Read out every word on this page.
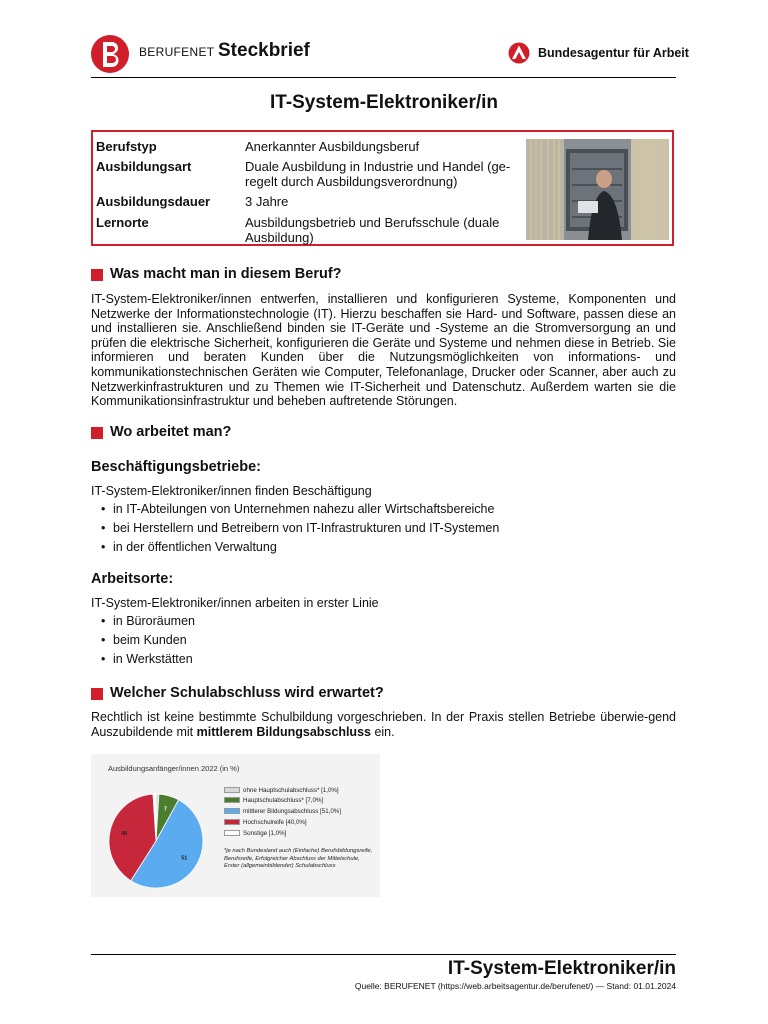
BERUFENET Steckbrief	Bundesagentur für Arbeit
IT-System-Elektroniker/in
Berufstyp	Anerkannter Ausbildungsberuf
Ausbildungsart	Duale Ausbildung in Industrie und Handel (ge-regelt durch Ausbildungsverordnung)
Ausbildungsdauer	3 Jahre
Lernorte	Ausbildungsbetrieb und Berufsschule (duale Ausbildung)
Was macht man in diesem Beruf?
IT-System-Elektroniker/innen entwerfen, installieren und konfigurieren Systeme, Komponenten und Netzwerke der Informationstechnologie (IT). Hierzu beschaffen sie Hard- und Software, passen diese an und installieren sie. Anschließend binden sie IT-Geräte und -Systeme an die Stromversorgung an und prüfen die elektrische Sicherheit, konfigurieren die Geräte und Systeme und nehmen diese in Betrieb. Sie informieren und beraten Kunden über die Nutzungsmöglichkeiten von informations- und kommunikationstechnischen Geräten wie Computer, Telefonanlage, Drucker oder Scanner, aber auch zu Netzwerkinfrastrukturen und zu Themen wie IT-Sicherheit und Datenschutz. Außerdem warten sie die Kommunikationsinfrastruktur und beheben auftretende Störungen.
Wo arbeitet man?
Beschäftigungsbetriebe:
IT-System-Elektroniker/innen finden Beschäftigung
• in IT-Abteilungen von Unternehmen nahezu aller Wirtschaftsbereiche
• bei Herstellern und Betreibern von IT-Infrastrukturen und IT-Systemen
• in der öffentlichen Verwaltung
Arbeitsorte:
IT-System-Elektroniker/innen arbeiten in erster Linie
• in Büroräumen
• beim Kunden
• in Werkstätten
Welcher Schulabschluss wird erwartet?
Rechtlich ist keine bestimmte Schulbildung vorgeschrieben. In der Praxis stellen Betriebe überwie-gend Auszubildende mit mittlerem Bildungsabschluss ein.
Ausbildungsanfänger/innen 2022 (in %)
7
51
40
ohne Hauptschulabschluss* [1,0%]
Hauptschulabschluss* [7,0%]
mittlerer Bildungsabschluss [51,0%]
Hochschulreife [40,0%]
Sonstige [1,0%]
*je nach Bundesland auch (Einfache) Berufsbildungsreife, Berufsreife, Erfolgreicher Abschluss der Mittelschule, Erster (allgemeinbildender) Schulabschluss
IT-System-Elektroniker/in
Quelle: BERUFENET (https://web.arbeitsagentur.de/berufenet/) — Stand: 01.01.2024
